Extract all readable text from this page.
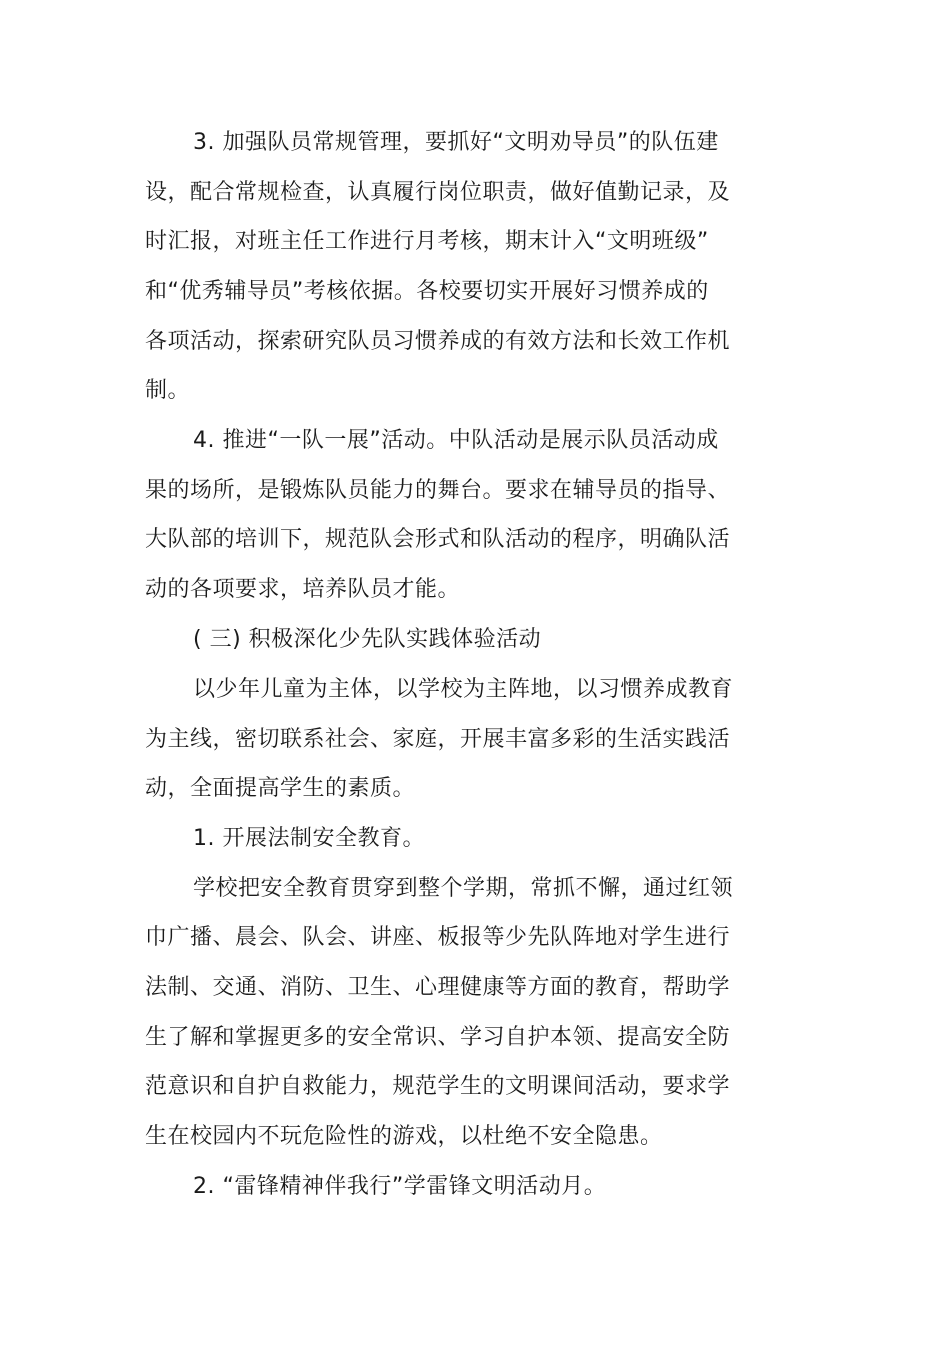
3. 加强队员常规管理，要抓好“文明劝导员”的队伍建
设，配合常规检查，认真履行岗位职责，做好值勤记录，及
时汇报，对班主任工作进行月考核，期末计入“文明班级”
和“优秀辅导员”考核依据。各校要切实开展好习惯养成的
各项活动，探索研究队员习惯养成的有效方法和长效工作机
制。
4. 推进“一队一展”活动。中队活动是展示队员活动成
果的场所，是锻炼队员能力的舞台。要求在辅导员的指导、
大队部的培训下，规范队会形式和队活动的程序，明确队活
动的各项要求，培养队员才能。
( 三) 积极深化少先队实践体验活动
以少年儿童为主体，以学校为主阵地，以习惯养成教育
为主线，密切联系社会、家庭，开展丰富多彩的生活实践活
动，全面提高学生的素质。
1. 开展法制安全教育。
学校把安全教育贯穿到整个学期，常抓不懈，通过红领
巾广播、晨会、队会、讲座、板报等少先队阵地对学生进行
法制、交通、消防、卫生、心理健康等方面的教育，帮助学
生了解和掌握更多的安全常识、学习自护本领、提高安全防
范意识和自护自救能力，规范学生的文明课间活动，要求学
生在校园内不玩危险性的游戏，以杜绝不安全隐患。
2. “雷锋精神伴我行”学雷锋文明活动月。
